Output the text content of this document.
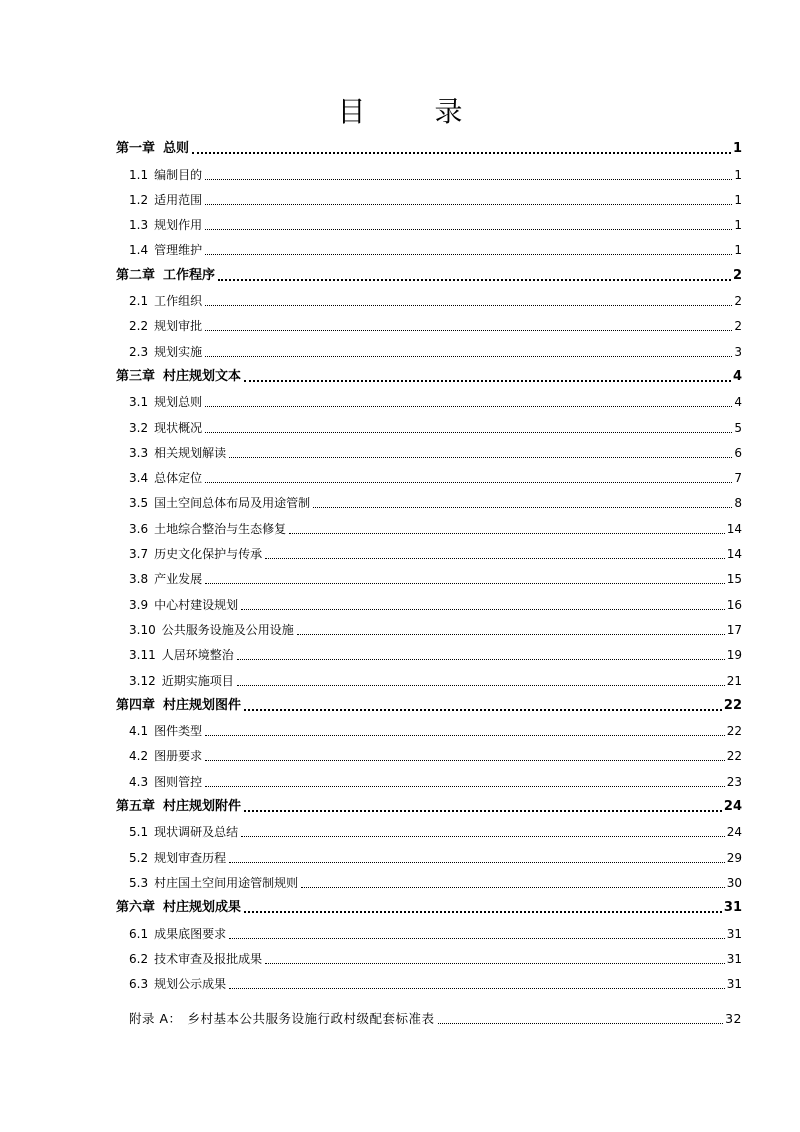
目 录
第一章 总则	1
1.1 编制目的	1
1.2 适用范围	1
1.3 规划作用	1
1.4 管理维护	1
第二章 工作程序	2
2.1 工作组织	2
2.2 规划审批	2
2.3 规划实施	3
第三章 村庄规划文本	4
3.1 规划总则	4
3.2 现状概况	5
3.3 相关规划解读	6
3.4 总体定位	7
3.5 国土空间总体布局及用途管制	8
3.6 土地综合整治与生态修复	14
3.7 历史文化保护与传承	14
3.8 产业发展	15
3.9 中心村建设规划	16
3.10 公共服务设施及公用设施	17
3.11 人居环境整治	19
3.12 近期实施项目	21
第四章 村庄规划图件	22
4.1 图件类型	22
4.2 图册要求	22
4.3 图则管控	23
第五章 村庄规划附件	24
5.1 现状调研及总结	24
5.2 规划审查历程	29
5.3 村庄国土空间用途管制规则	30
第六章 村庄规划成果	31
6.1 成果底图要求	31
6.2 技术审查及报批成果	31
6.3 规划公示成果	31
附录 A： 乡村基本公共服务设施行政村级配套标准表	32
